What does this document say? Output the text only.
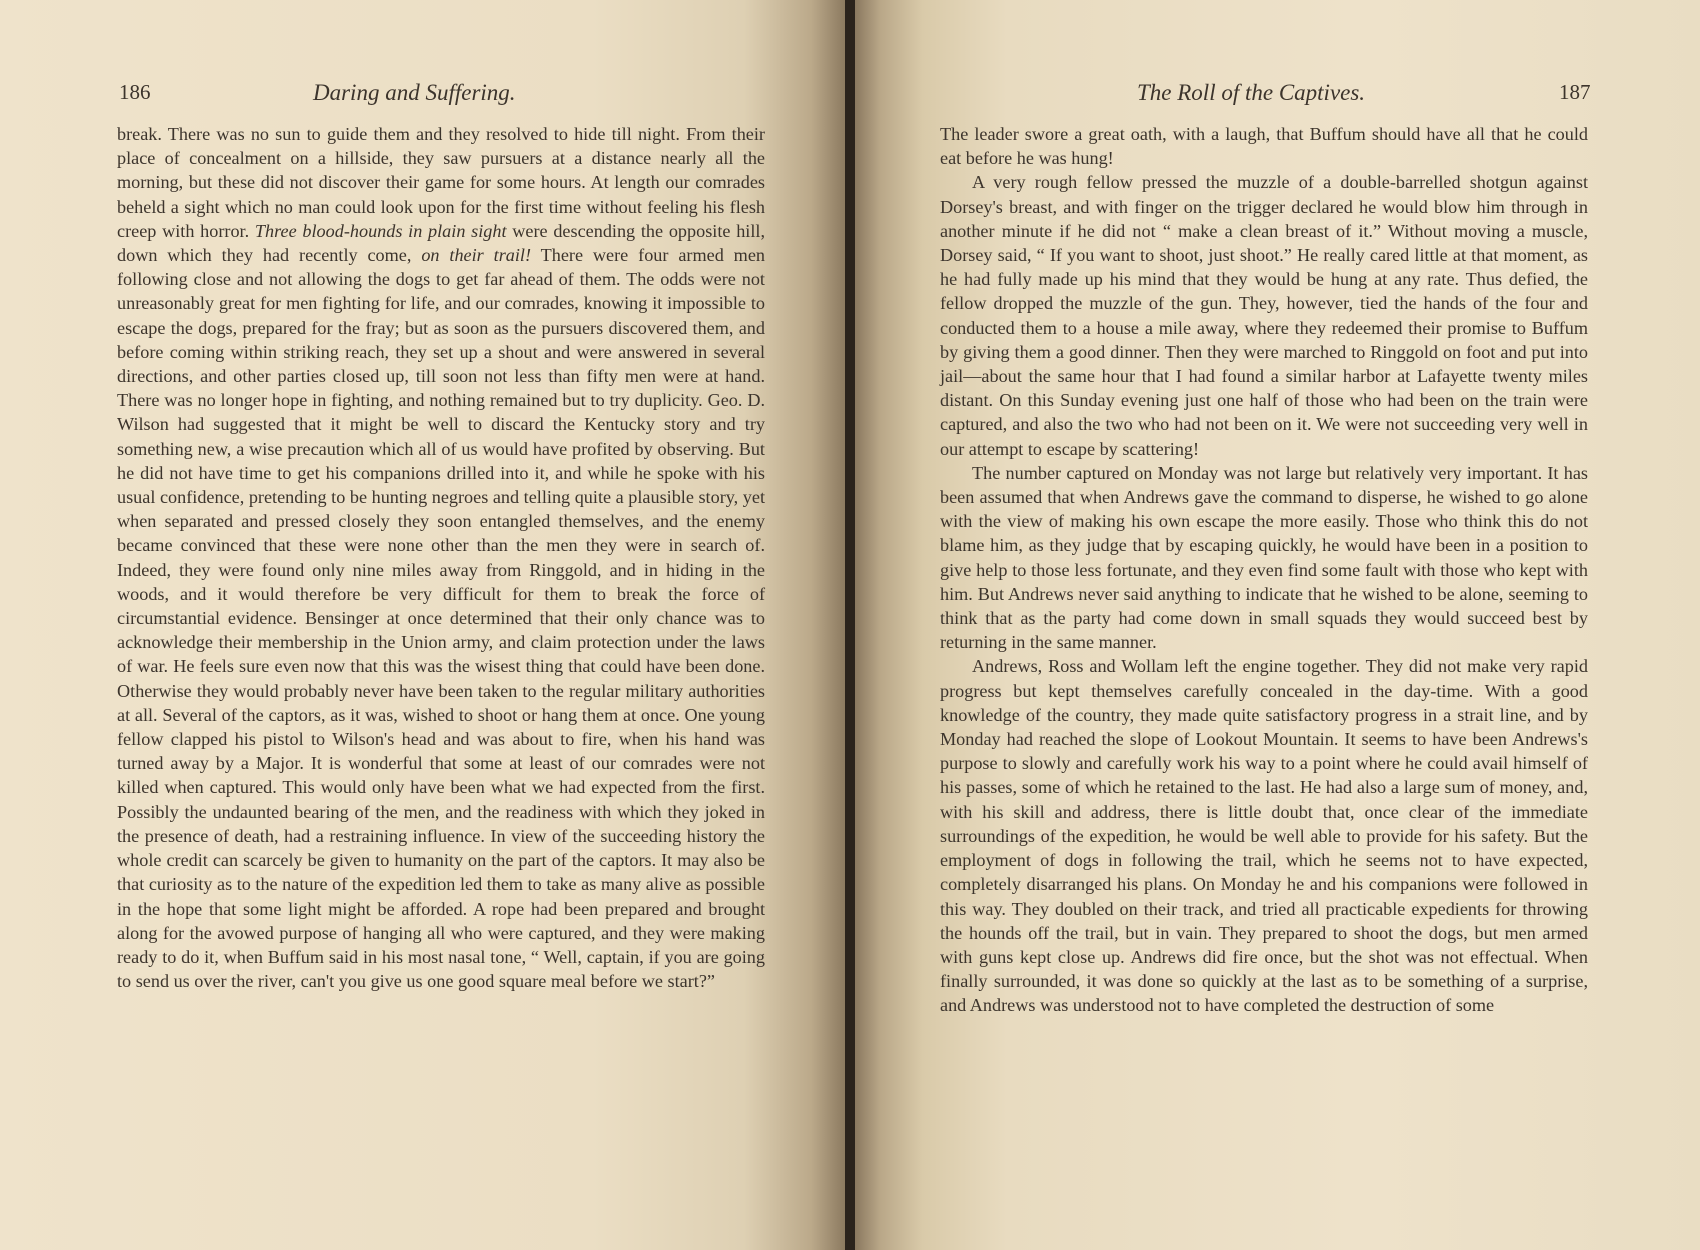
186	Daring and Suffering.

break. There was no sun to guide them and they resolved to hide till night. From their place of concealment on a hillside, they saw pursuers at a distance nearly all the morning, but these did not discover their game for some hours. At length our comrades beheld a sight which no man could look upon for the first time without feeling his flesh creep with horror. Three blood-hounds in plain sight were descending the opposite hill, down which they had recently come, on their trail! There were four armed men following close and not allowing the dogs to get far ahead of them. The odds were not unreasonably great for men fighting for life, and our comrades, knowing it impossible to escape the dogs, prepared for the fray; but as soon as the pursuers discovered them, and before coming within striking reach, they set up a shout and were answered in several directions, and other parties closed up, till soon not less than fifty men were at hand. There was no longer hope in fighting, and nothing remained but to try duplicity. Geo. D. Wilson had suggested that it might be well to discard the Kentucky story and try something new, a wise precaution which all of us would have profited by observing. But he did not have time to get his companions drilled into it, and while he spoke with his usual confidence, pretending to be hunting negroes and telling quite a plausible story, yet when separated and pressed closely they soon entangled themselves, and the enemy became convinced that these were none other than the men they were in search of. Indeed, they were found only nine miles away from Ringgold, and in hiding in the woods, and it would therefore be very difficult for them to break the force of circumstantial evidence. Bensinger at once determined that their only chance was to acknowledge their membership in the Union army, and claim protection under the laws of war. He feels sure even now that this was the wisest thing that could have been done. Otherwise they would probably never have been taken to the regular military authorities at all. Several of the captors, as it was, wished to shoot or hang them at once. One young fellow clapped his pistol to Wilson's head and was about to fire, when his hand was turned away by a Major. It is wonderful that some at least of our comrades were not killed when captured. This would only have been what we had expected from the first. Possibly the undaunted bearing of the men, and the readiness with which they joked in the presence of death, had a restraining influence. In view of the succeeding history the whole credit can scarcely be given to humanity on the part of the captors. It may also be that curiosity as to the nature of the expedition led them to take as many alive as possible in the hope that some light might be afforded. A rope had been prepared and brought along for the avowed purpose of hanging all who were captured, and they were making ready to do it, when Buffum said in his most nasal tone, “ Well, captain, if you are going to send us over the river, can't you give us one good square meal before we start?”

The Roll of the Captives.	187

The leader swore a great oath, with a laugh, that Buffum should have all that he could eat before he was hung!

A very rough fellow pressed the muzzle of a double-barrelled shotgun against Dorsey's breast, and with finger on the trigger declared he would blow him through in another minute if he did not “ make a clean breast of it.” Without moving a muscle, Dorsey said, “ If you want to shoot, just shoot.” He really cared little at that moment, as he had fully made up his mind that they would be hung at any rate. Thus defied, the fellow dropped the muzzle of the gun. They, however, tied the hands of the four and conducted them to a house a mile away, where they redeemed their promise to Buffum by giving them a good dinner. Then they were marched to Ringgold on foot and put into jail—about the same hour that I had found a similar harbor at Lafayette twenty miles distant. On this Sunday evening just one half of those who had been on the train were captured, and also the two who had not been on it. We were not succeeding very well in our attempt to escape by scattering!

The number captured on Monday was not large but relatively very important. It has been assumed that when Andrews gave the command to disperse, he wished to go alone with the view of making his own escape the more easily. Those who think this do not blame him, as they judge that by escaping quickly, he would have been in a position to give help to those less fortunate, and they even find some fault with those who kept with him. But Andrews never said anything to indicate that he wished to be alone, seeming to think that as the party had come down in small squads they would succeed best by returning in the same manner.

Andrews, Ross and Wollam left the engine together. They did not make very rapid progress but kept themselves carefully concealed in the day-time. With a good knowledge of the country, they made quite satisfactory progress in a strait line, and by Monday had reached the slope of Lookout Mountain. It seems to have been Andrews's purpose to slowly and carefully work his way to a point where he could avail himself of his passes, some of which he retained to the last. He had also a large sum of money, and, with his skill and address, there is little doubt that, once clear of the immediate surroundings of the expedition, he would be well able to provide for his safety. But the employment of dogs in following the trail, which he seems not to have expected, completely disarranged his plans. On Monday he and his companions were followed in this way. They doubled on their track, and tried all practicable expedients for throwing the hounds off the trail, but in vain. They prepared to shoot the dogs, but men armed with guns kept close up. Andrews did fire once, but the shot was not effectual. When finally surrounded, it was done so quickly at the last as to be something of a surprise, and Andrews was understood not to have completed the destruction of some
